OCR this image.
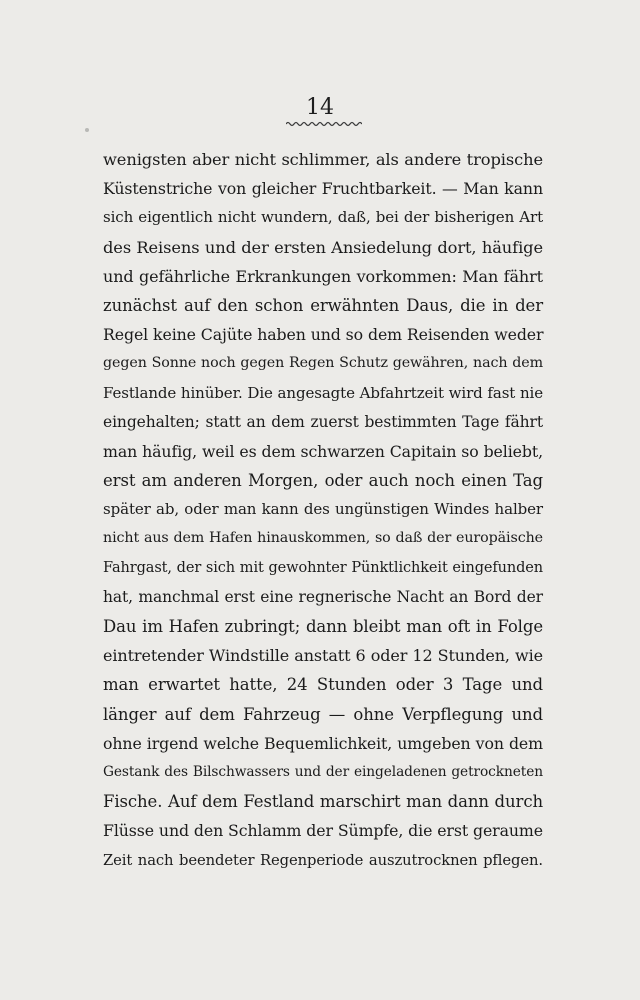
14
wenigsten aber nicht schlimmer, als andere tropische
Küstenstriche von gleicher Fruchtbarkeit. — Man kann
sich eigentlich nicht wundern, daß, bei der bisherigen Art
des Reisens und der ersten Ansiedelung dort, häufige
und gefährliche Erkrankungen vorkommen: Man fährt
zunächst auf den schon erwähnten Daus, die in der
Regel keine Cajüte haben und so dem Reisenden weder
gegen Sonne noch gegen Regen Schutz gewähren, nach dem
Festlande hinüber. Die angesagte Abfahrtzeit wird fast nie
eingehalten; statt an dem zuerst bestimmten Tage fährt
man häufig, weil es dem schwarzen Capitain so beliebt,
erst am anderen Morgen, oder auch noch einen Tag
später ab, oder man kann des ungünstigen Windes halber
nicht aus dem Hafen hinauskommen, so daß der europäische
Fahrgast, der sich mit gewohnter Pünktlichkeit eingefunden
hat, manchmal erst eine regnerische Nacht an Bord der
Dau im Hafen zubringt; dann bleibt man oft in Folge
eintretender Windstille anstatt 6 oder 12 Stunden, wie
man erwartet hatte, 24 Stunden oder 3 Tage und
länger auf dem Fahrzeug — ohne Verpflegung und
ohne irgend welche Bequemlichkeit, umgeben von dem
Gestank des Bilschwassers und der eingeladenen getrockneten
Fische. Auf dem Festland marschirt man dann durch
Flüsse und den Schlamm der Sümpfe, die erst geraume
Zeit nach beendeter Regenperiode auszutrocknen pflegen.
